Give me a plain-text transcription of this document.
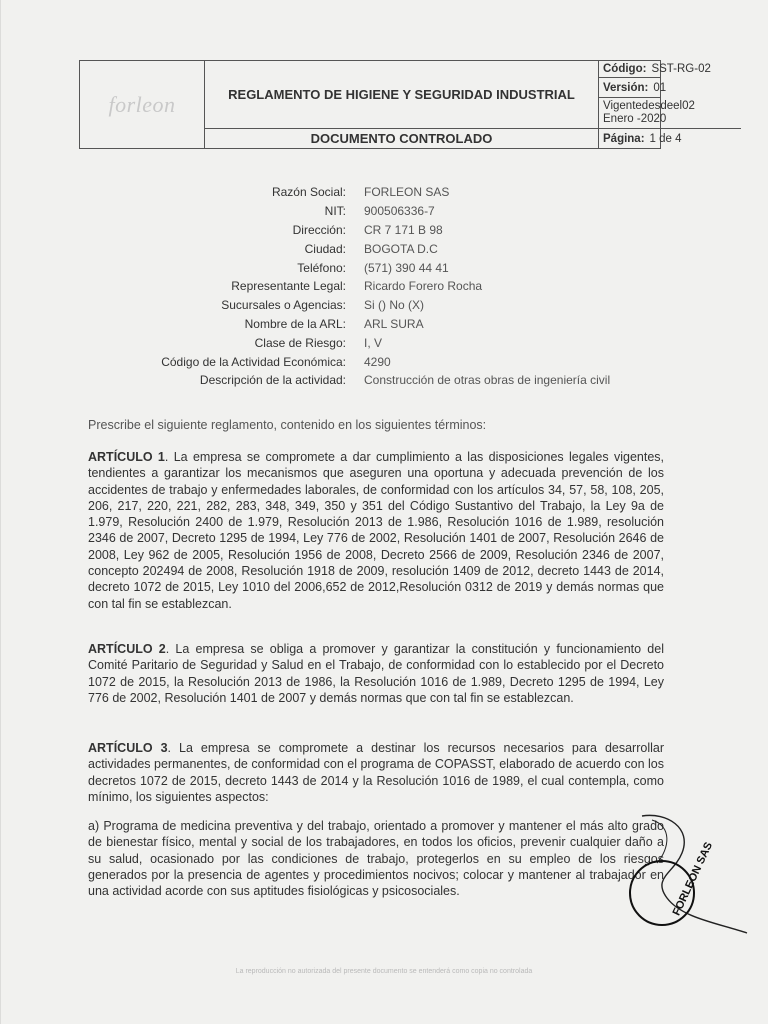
forleon	REGLAMENTO DE HIGIENE Y SEGURIDAD INDUSTRIAL
DOCUMENTO CONTROLADO
Código: SST-RG-02
Versión: 01
Vigente desde el 02
Enero -2020
Página: 1 de 4
Razón Social: FORLEON SAS
NIT: 900506336-7
Dirección: CR 7 171 B 98
Ciudad: BOGOTA D.C
Teléfono: (571) 390 44 41
Representante Legal: Ricardo Forero Rocha
Sucursales o Agencias: Si () No (X)
Nombre de la ARL: ARL SURA
Clase de Riesgo: I, V
Código de la Actividad Económica: 4290
Descripción de la actividad: Construcción de otras obras de ingeniería civil
Prescribe el siguiente reglamento, contenido en los siguientes términos:
ARTÍCULO 1. La empresa se compromete a dar cumplimiento a las disposiciones legales vigentes, tendientes a garantizar los mecanismos que aseguren una oportuna y adecuada prevención de los accidentes de trabajo y enfermedades laborales, de conformidad con los artículos 34, 57, 58, 108, 205, 206, 217, 220, 221, 282, 283, 348, 349, 350 y 351 del Código Sustantivo del Trabajo, la Ley 9a de 1.979, Resolución 2400 de 1.979, Resolución 2013 de 1.986, Resolución 1016 de 1.989, resolución 2346 de 2007, Decreto 1295 de 1994, Ley 776 de 2002, Resolución 1401 de 2007, Resolución 2646 de 2008, Ley 962 de 2005, Resolución 1956 de 2008, Decreto 2566 de 2009, Resolución 2346 de 2007, concepto 202494 de 2008, Resolución 1918 de 2009, resolución 1409 de 2012, decreto 1443 de 2014, decreto 1072 de 2015, Ley 1010 del 2006,652 de 2012,Resolución 0312 de 2019 y demás normas que con tal fin se establezcan.
ARTÍCULO 2. La empresa se obliga a promover y garantizar la constitución y funcionamiento del Comité Paritario de Seguridad y Salud en el Trabajo, de conformidad con lo establecido por el Decreto 1072 de 2015, la Resolución 2013 de 1986, la Resolución 1016 de 1.989, Decreto 1295 de 1994, Ley 776 de 2002, Resolución 1401 de 2007 y demás normas que con tal fin se establezcan.
ARTÍCULO 3. La empresa se compromete a destinar los recursos necesarios para desarrollar actividades permanentes, de conformidad con el programa de COPASST, elaborado de acuerdo con los decretos 1072 de 2015, decreto 1443 de 2014 y la Resolución 1016 de 1989, el cual contempla, como mínimo, los siguientes aspectos:
a) Programa de medicina preventiva y del trabajo, orientado a promover y mantener el más alto grado de bienestar físico, mental y social de los trabajadores, en todos los oficios, prevenir cualquier daño a su salud, ocasionado por las condiciones de trabajo, protegerlos en su empleo de los riesgos generados por la presencia de agentes y procedimientos nocivos; colocar y mantener al trabajador en una actividad acorde con sus aptitudes fisiológicas y psicosociales.	FORLEON SAS
La reproducción no autorizada del presente documento se entenderá como copia no controlada
